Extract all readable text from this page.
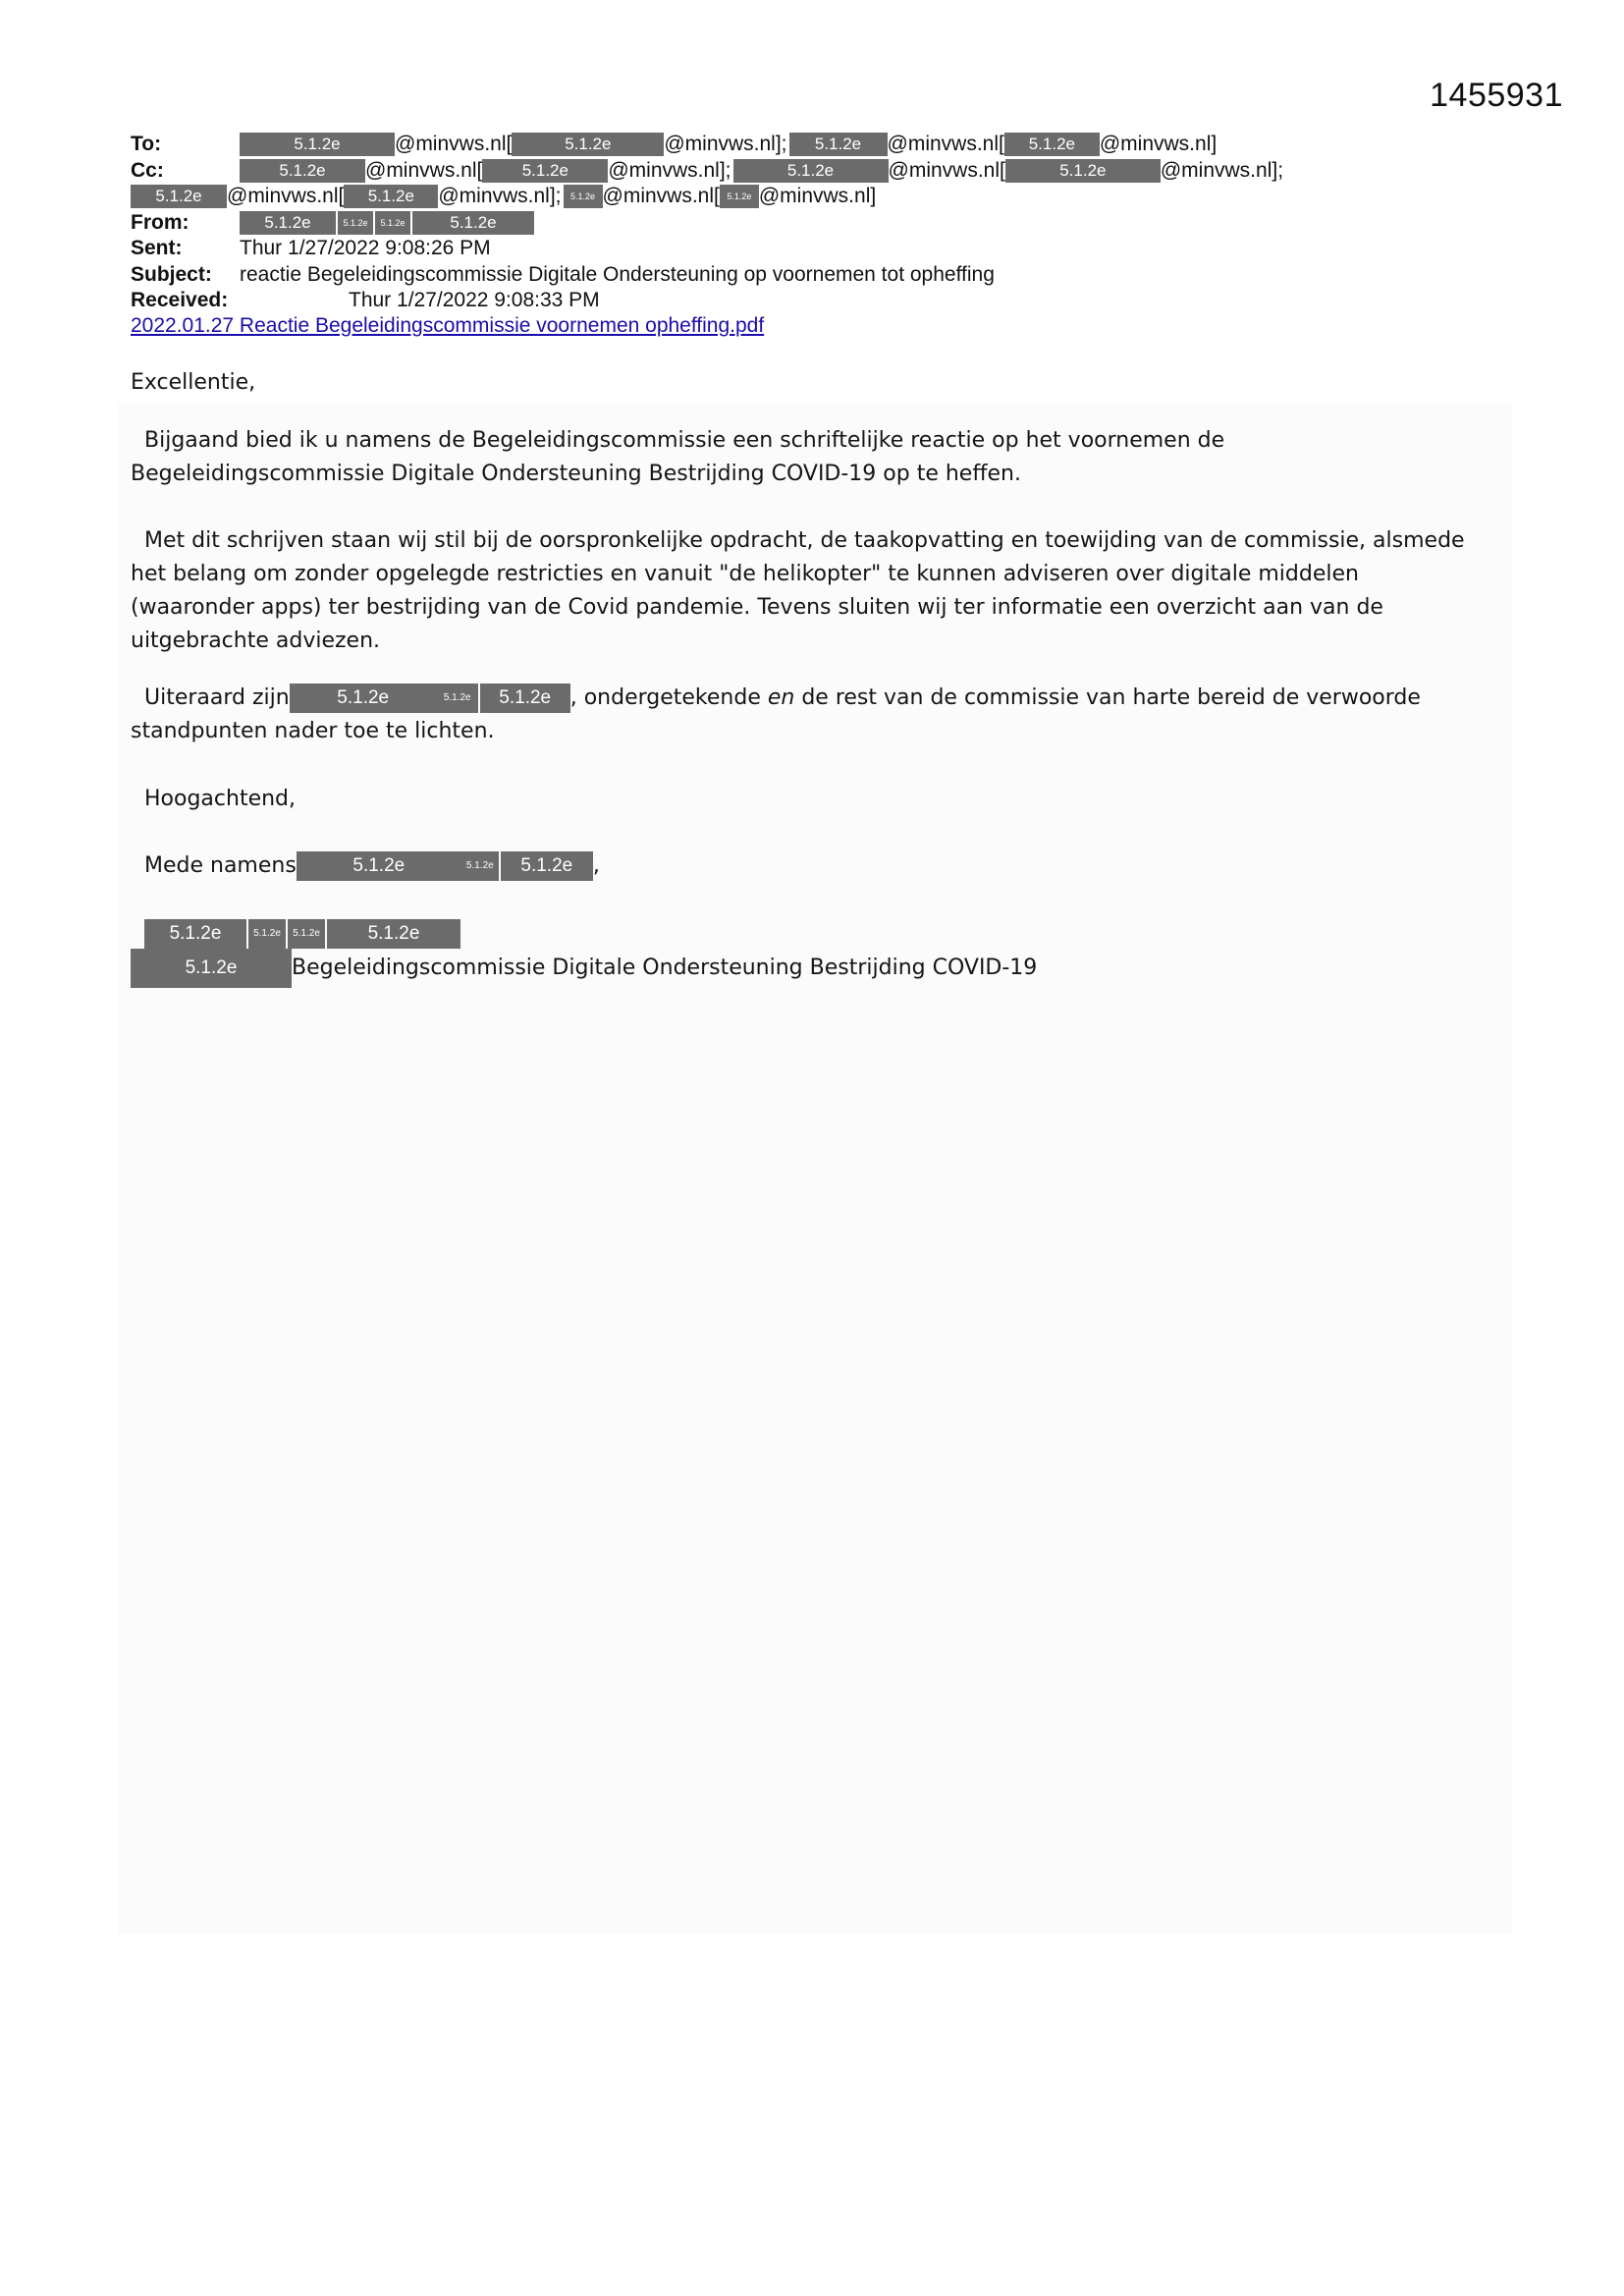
1455931
To:	5.1.2e	@minvws.nl[	5.1.2e	@minvws.nl];	5.1.2e	@minvws.nl[	5.1.2e	@minvws.nl]
Cc:	5.1.2e	@minvws.nl[	5.1.2e	@minvws.nl];	5.1.2e	@minvws.nl[	5.1.2e	@minvws.nl];
5.1.2e	@minvws.nl[	5.1.2e	@minvws.nl];	5.1.2e @minvws.nl[ 5.1.2e @minvws.nl]
From:	5.1.2e	5.1.2e	5.1.2e	5.1.2e
Sent:	Thur 1/27/2022 9:08:26 PM
Subject:	reactie Begeleidingscommissie Digitale Ondersteuning op voornemen tot opheffing
Received:	Thur 1/27/2022 9:08:33 PM
2022.01.27 Reactie Begeleidingscommissie voornemen opheffing.pdf
Excellentie,
Bijgaand bied ik u namens de Begeleidingscommissie een schriftelijke reactie op het voornemen de
Begeleidingscommissie Digitale Ondersteuning Bestrijding COVID-19 op te heffen.
Met dit schrijven staan wij stil bij de oorspronkelijke opdracht, de taakopvatting en toewijding van de commissie, alsmede
het belang om zonder opgelegde restricties en vanuit "de helikopter" te kunnen adviseren over digitale middelen
(waaronder apps) ter bestrijding van de Covid pandemie. Tevens sluiten wij ter informatie een overzicht aan van de
uitgebrachte adviezen.
Uiteraard zijn	5.1.2e	5.1.2e	5.1.2e , ondergetekende en de rest van de commissie van harte bereid de verwoorde
standpunten nader toe te lichten.
Hoogachtend,
Mede namens	5.1.2e	5.1.2e	5.1.2e ,
5.1.2e	5.1.2e	5.1.2e	5.1.2e
5.1.2e	Begeleidingscommissie Digitale Ondersteuning Bestrijding COVID-19
